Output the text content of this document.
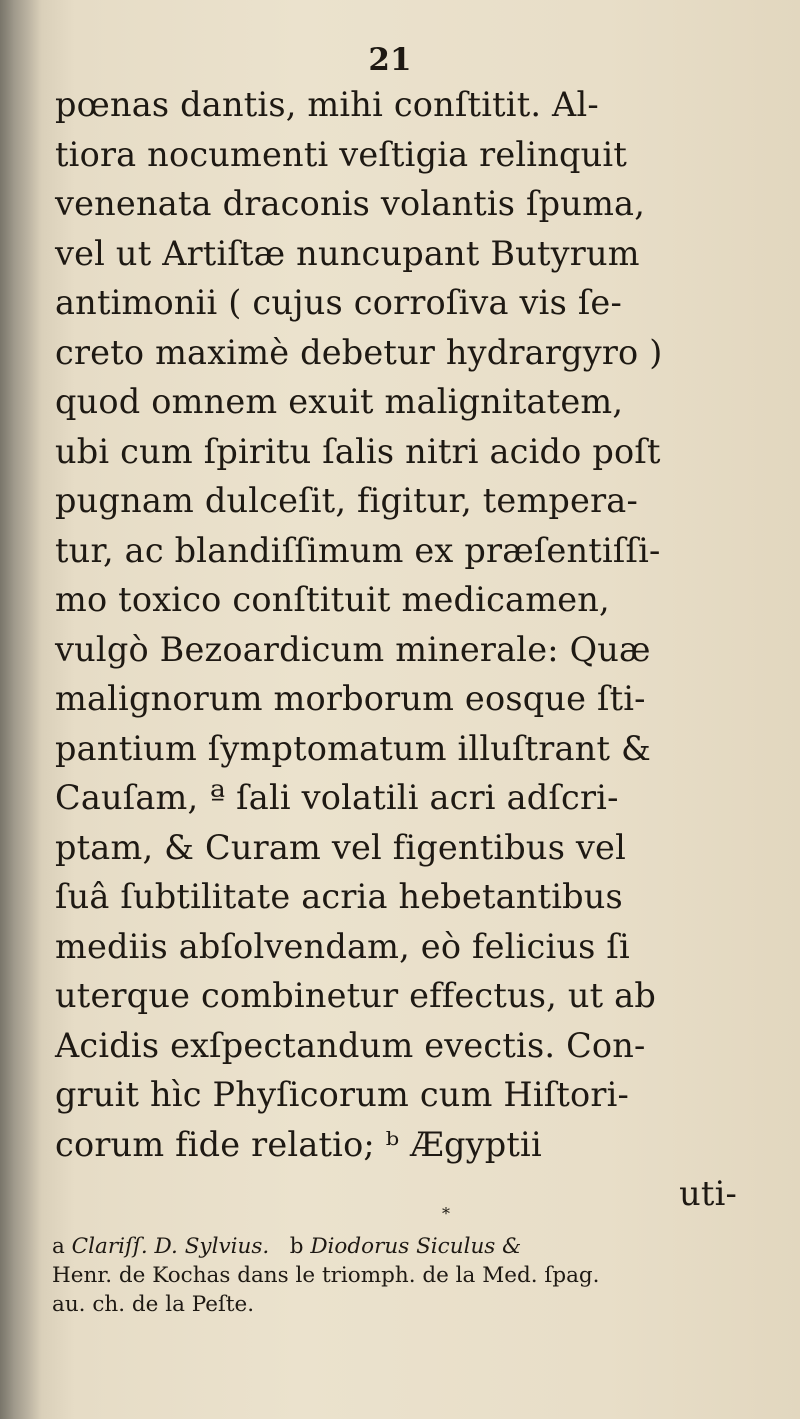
21
pœnas dantis, mihi conſtitit. Al-
tiora nocumenti veſtigia relinquit
venenata draconis volantis ſpuma,
vel ut Artiſtæ nuncupant Butyrum
antimonii ( cujus corroſiva vis ſe-
creto maximè debetur hydrargyro )
quod omnem exuit malignitatem,
ubi cum ſpiritu ſalis nitri acido poſt
pugnam dulceſit, figitur, tempera-
tur, ac blandiſſimum ex præſentiſſi-
mo toxico conſtituit medicamen,
vulgò Bezoardicum minerale: Quæ
malignorum morborum eosque ſti-
pantium ſymptomatum illuſtrant &
Cauſam, ª ſali volatili acri adſcri-
ptam, & Curam vel figentibus vel
ſuâ ſubtilitate acria hebetantibus
mediis abſolvendam, eò felicius ſi
uterque combinetur effectus, ut ab
Acidis exſpectandum evectis. Con-
gruit hìc Phyſicorum cum Hiſtori-
corum fide relatio; ᵇ Ægyptii
uti-
*
a Clariſſ. D. Sylvius. b Diodorus Siculus &
Henr. de Kochas dans le triomph. de la Med. ſpag.
au. ch. de la Peſte.
